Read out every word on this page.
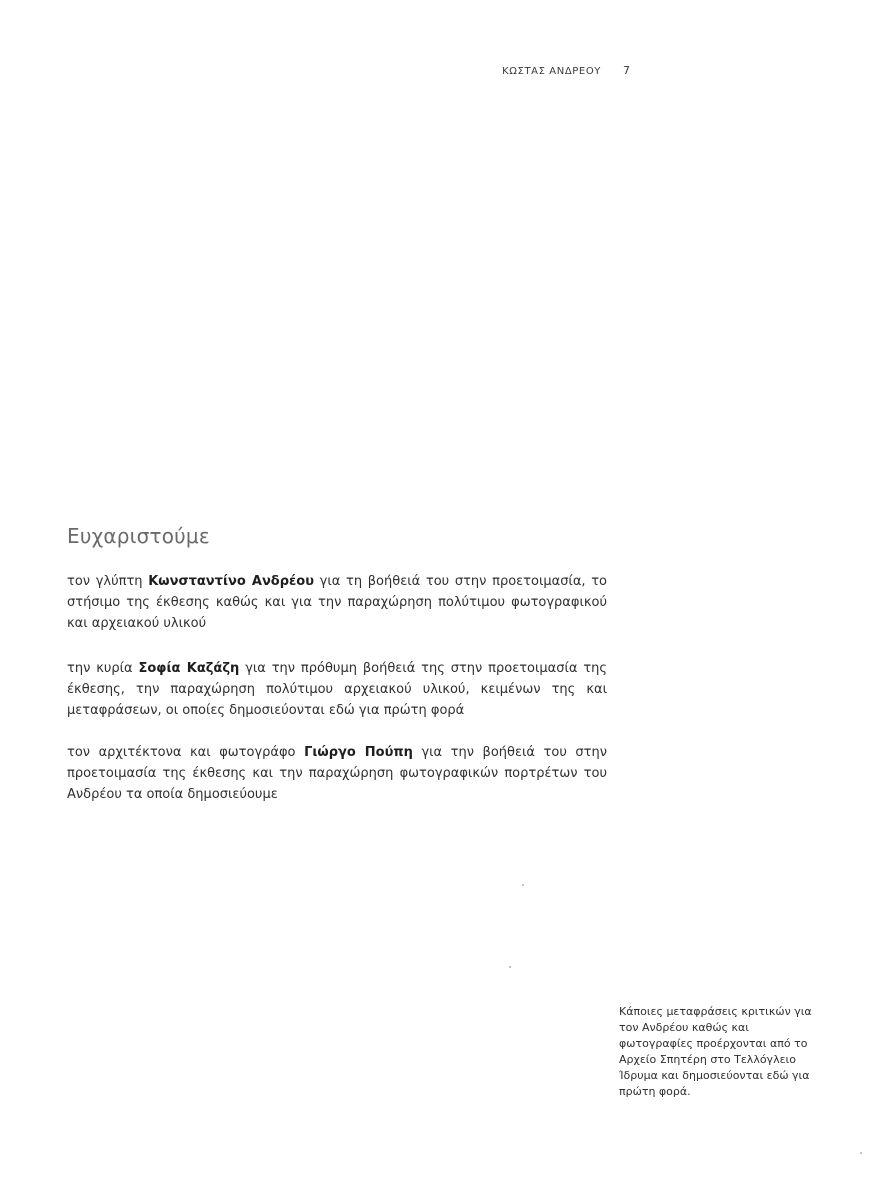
ΚΩΣΤΑΣ ΑΝΔΡΕΟΥ 7
Ευχαριστούμε

τον γλύπτη Κωνσταντίνο Ανδρέου για τη βοήθειά του στην προετοιμασία, το στήσιμο της έκθεσης καθώς και για την παραχώρηση πολύτιμου φωτογραφικού και αρχειακού υλικού

την κυρία Σοφία Καζάζη για την πρόθυμη βοήθειά της στην προετοιμασία της έκθεσης, την παραχώρηση πολύτιμου αρχειακού υλικού, κειμένων της και μεταφράσεων, οι οποίες δημοσιεύονται εδώ για πρώτη φορά

τον αρχιτέκτονα και φωτογράφο Γιώργο Πούπη για την βοήθειά του στην προετοιμασία της έκθεσης και την παραχώρηση φωτογραφικών πορτρέτων του Ανδρέου τα οποία δημοσιεύουμε

Κάποιες μεταφράσεις κριτικών για τον Ανδρέου καθώς και φωτογραφίες προέρχονται από το Αρχείο Σπητέρη στο Τελλόγλειο Ίδρυμα και δημοσιεύονται εδώ για πρώτη φορά.
